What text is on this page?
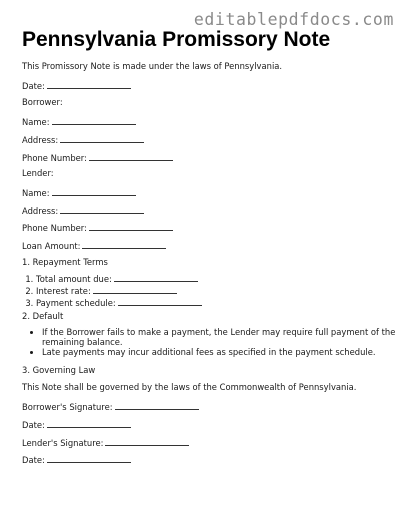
editablepdfdocs.com
Pennsylvania Promissory Note
This Promissory Note is made under the laws of Pennsylvania.
Date:
Borrower:
Name:
Address:
Phone Number:
Lender:
Name:
Address:
Phone Number:
Loan Amount:
1. Repayment Terms
1. Total amount due:
2. Interest rate:
3. Payment schedule:
2. Default
• If the Borrower fails to make a payment, the Lender may require full payment of the remaining balance.
• Late payments may incur additional fees as specified in the payment schedule.
3. Governing Law
This Note shall be governed by the laws of the Commonwealth of Pennsylvania.
Borrower's Signature:
Date:
Lender's Signature:
Date:
